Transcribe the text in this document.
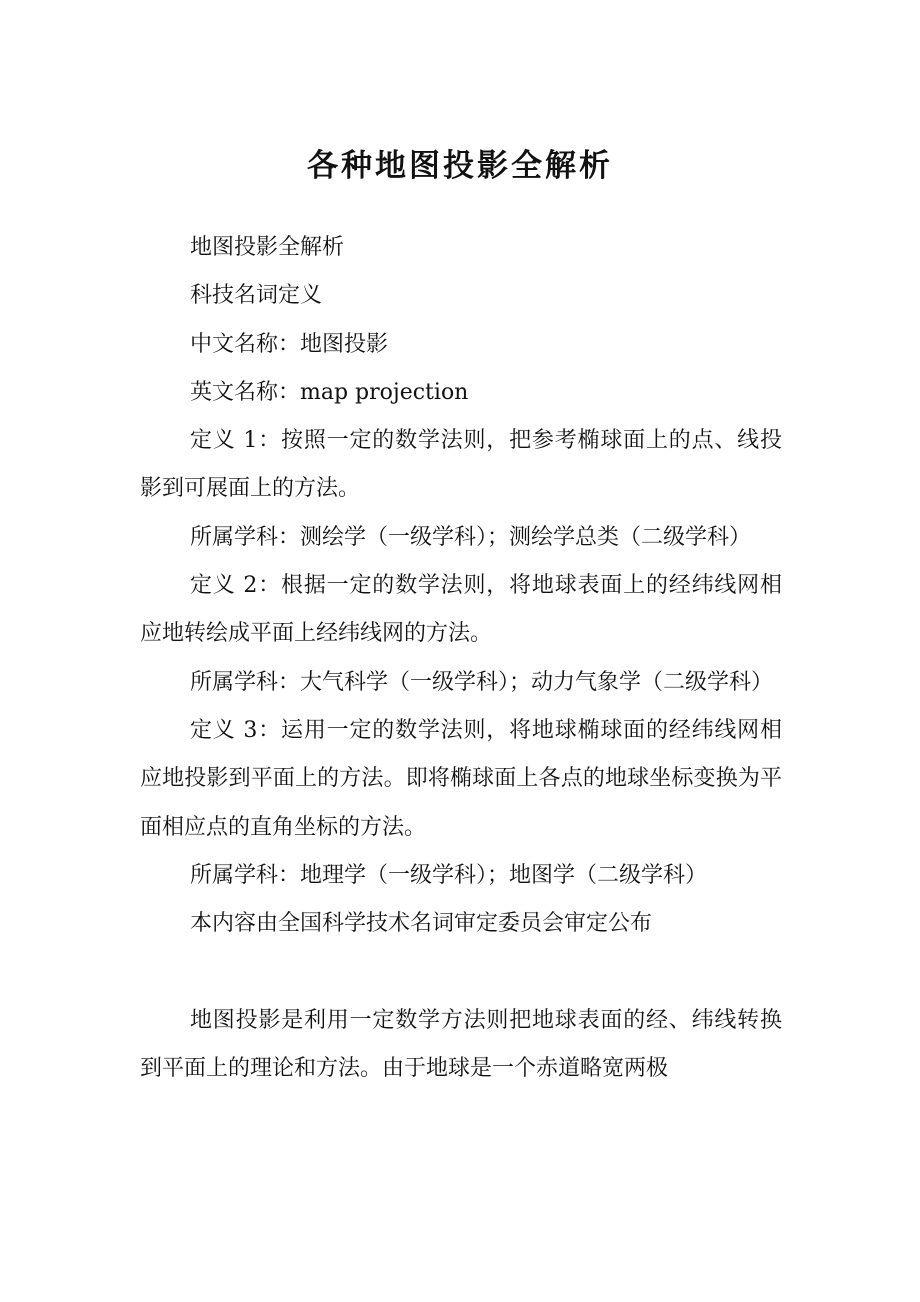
各种地图投影全解析

地图投影全解析

科技名词定义

中文名称：地图投影

英文名称：map projection

定义 1：按照一定的数学法则，把参考椭球面上的点、线投影到可展面上的方法。

所属学科：测绘学（一级学科）；测绘学总类（二级学科）

定义 2：根据一定的数学法则，将地球表面上的经纬线网相应地转绘成平面上经纬线网的方法。

所属学科：大气科学（一级学科）；动力气象学（二级学科）

定义 3：运用一定的数学法则，将地球椭球面的经纬线网相应地投影到平面上的方法。即将椭球面上各点的地球坐标变换为平面相应点的直角坐标的方法。

所属学科：地理学（一级学科）；地图学（二级学科）

本内容由全国科学技术名词审定委员会审定公布

地图投影是利用一定数学方法则把地球表面的经、纬线转换到平面上的理论和方法。由于地球是一个赤道略宽两极
